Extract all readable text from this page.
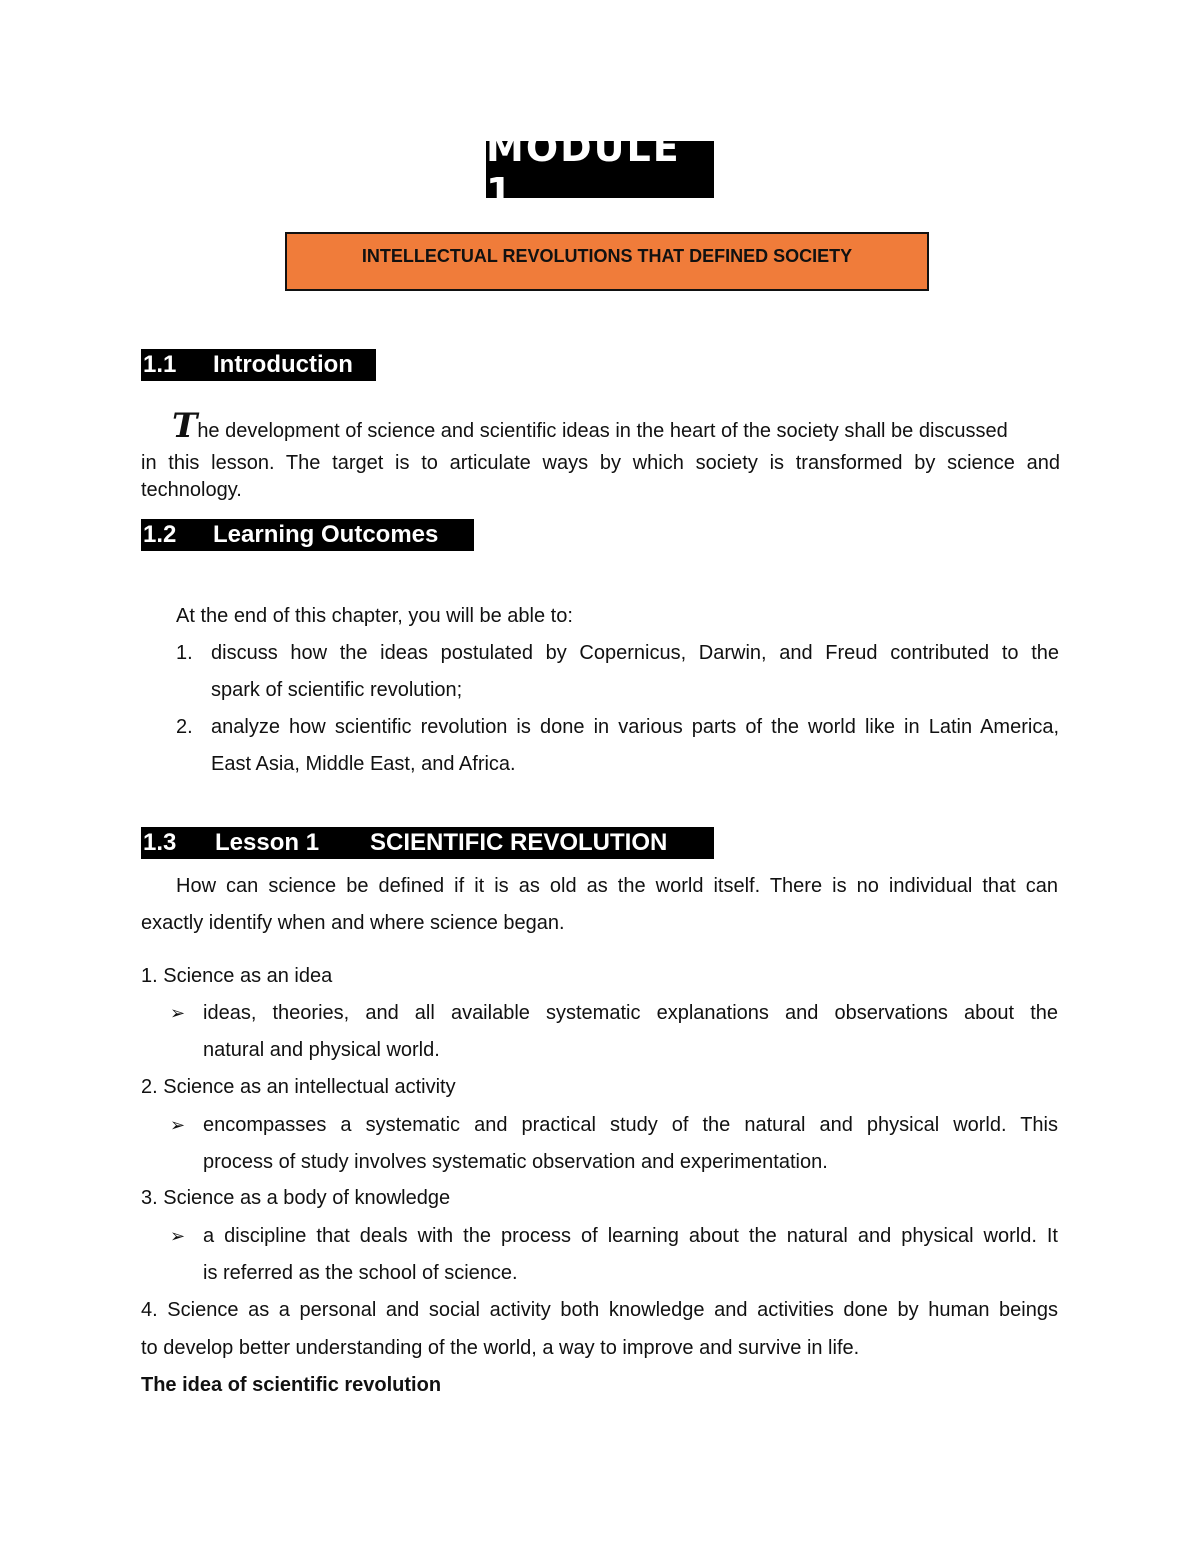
MODULE 1
INTELLECTUAL REVOLUTIONS THAT DEFINED SOCIETY
1.1 Introduction
The development of science and scientific ideas in the heart of the society shall be discussed
in this lesson. The target is to articulate ways by which society is transformed by science and
technology.
1.2 Learning Outcomes
At the end of this chapter, you will be able to:
1. discuss how the ideas postulated by Copernicus, Darwin, and Freud contributed to the
spark of scientific revolution;
2. analyze how scientific revolution is done in various parts of the world like in Latin America,
East Asia, Middle East, and Africa.
1.3 Lesson 1 SCIENTIFIC REVOLUTION
How can science be defined if it is as old as the world itself. There is no individual that can
exactly identify when and where science began.
1. Science as an idea
➢ ideas, theories, and all available systematic explanations and observations about the
natural and physical world.
2. Science as an intellectual activity
➢ encompasses a systematic and practical study of the natural and physical world. This
process of study involves systematic observation and experimentation.
3. Science as a body of knowledge
➢ a discipline that deals with the process of learning about the natural and physical world. It
is referred as the school of science.
4. Science as a personal and social activity both knowledge and activities done by human beings
to develop better understanding of the world, a way to improve and survive in life.
The idea of scientific revolution
